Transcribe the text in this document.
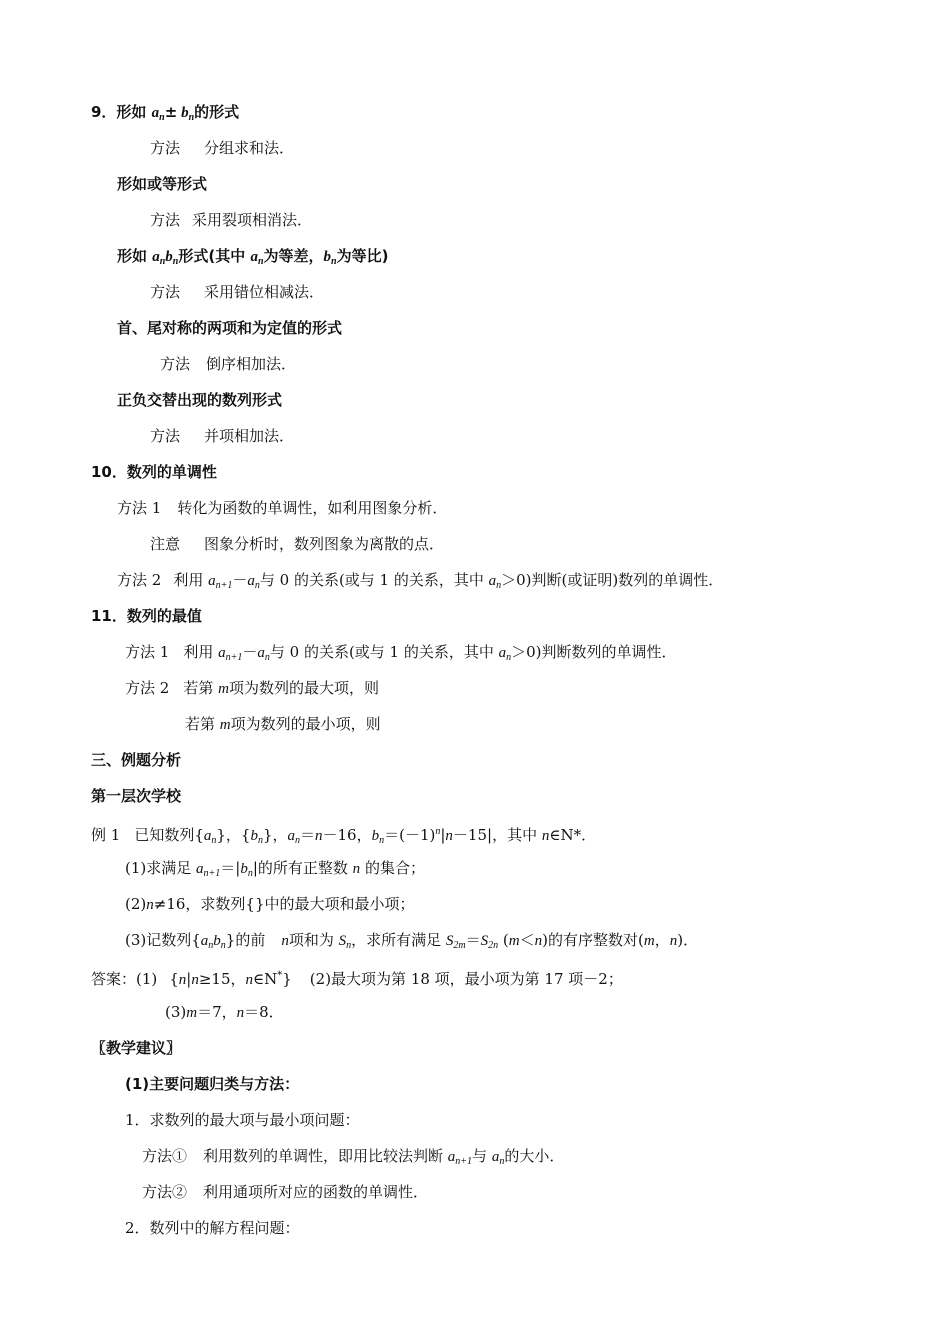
9．形如 $a_n\pm b_n$的形式
方法 分组求和法．
形如或等形式
方法 采用裂项相消法．
形如 $a_nb_n$形式(其中 $a_n$为等差，$b_n$为等比)
方法 采用错位相减法．
首、尾对称的两项和为定值的形式
方法 倒序相加法．
正负交替出现的数列形式
方法 并项相加法．
10．数列的单调性
方法 1 转化为函数的单调性，如利用图象分析．
注意 图象分析时，数列图象为离散的点．
方法 2 利用 $a_{n+1}-a_n$与 0 的关系(或与 1 的关系，其中 $a_n>0$)判断(或证明)数列的单调性．
11．数列的最值
方法 1 利用 $a_{n+1}-a_n$与 0 的关系(或与 1 的关系，其中 $a_n>0$)判断数列的单调性．
方法 2 若第 m项为数列的最大项，则
若第 m项为数列的最小项，则
三、例题分析
第一层次学校
例 1 已知数列$\{a_n\}$，$\{b_n\}$，$a_n=n-16$，$b_n=(-1)^n|n-15|$，其中 n∈N*．
(1)求满足 $a_{n+1}=|b_n|$的所有正整数 n 的集合；
(2)n≠16，求数列{}中的最大项和最小项；
(3)记数列$\{a_nb_n\}$的前 n项和为 $S_n$，求所有满足 $S_{2m}=S_{2n}$ (m＜n)的有序整数对(m，n)．
答案：(1) {n|n≥15，n∈N*} (2)最大项为第 18 项，最小项为第 17 项－2；
(3)m＝7，n＝8．
〖教学建议〗
(1)主要问题归类与方法：
1．求数列的最大项与最小项问题：
方法① 利用数列的单调性，即用比较法判断 $a_{n+1}$与 $a_n$的大小．
方法② 利用通项所对应的函数的单调性．
2．数列中的解方程问题：
